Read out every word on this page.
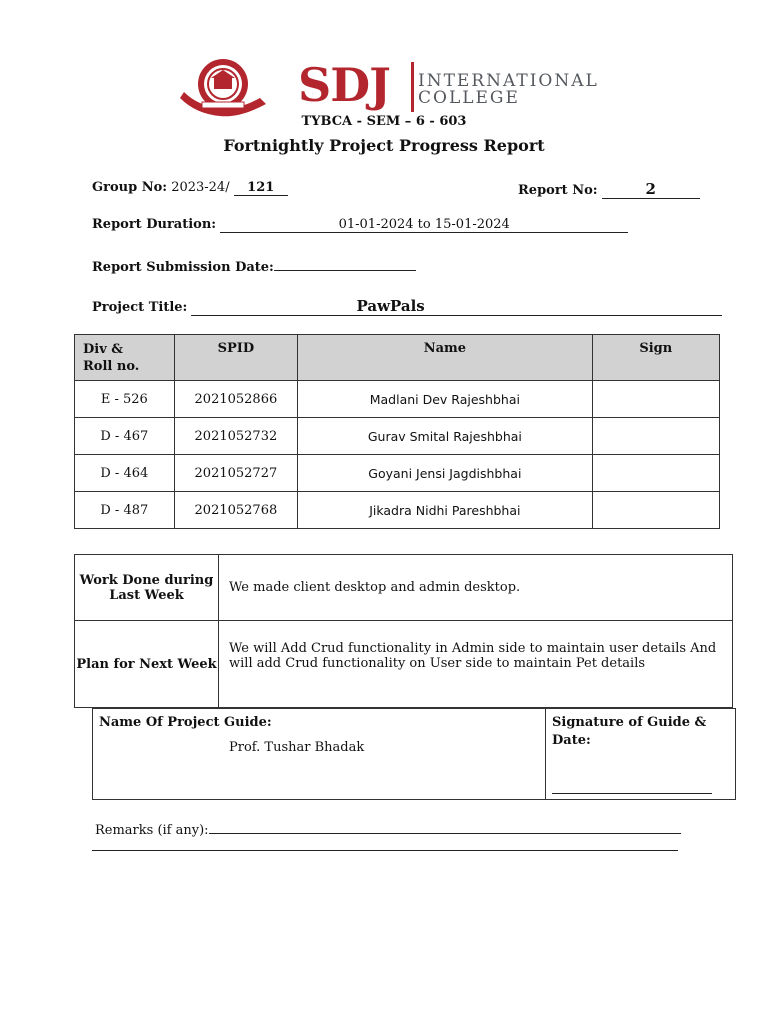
SDJ INTERNATIONAL
COLLEGE
TYBCA - SEM – 6 - 603
Fortnightly Project Progress Report
Group No: 2023-24/ 121	Report No:	2
Report Duration:	01-01-2024 to 15-01-2024
Report Submission Date:
Project Title:	PawPals
Div &
Roll no.	SPID	Name	Sign
E - 526	2021052866	Madlani Dev Rajeshbhai	
D - 467	2021052732	Gurav Smital Rajeshbhai	
D - 464	2021052727	Goyani Jensi Jagdishbhai	
D - 487	2021052768	Jikadra Nidhi Pareshbhai	
Work Done during Last Week	We made client desktop and admin desktop.
Plan for Next Week	We will Add Crud functionality in Admin side to maintain user details And will add Crud functionality on User side to maintain Pet details
Name Of Project Guide:
Prof. Tushar Bhadak

Signature of Guide & Date:
Remarks (if any):
